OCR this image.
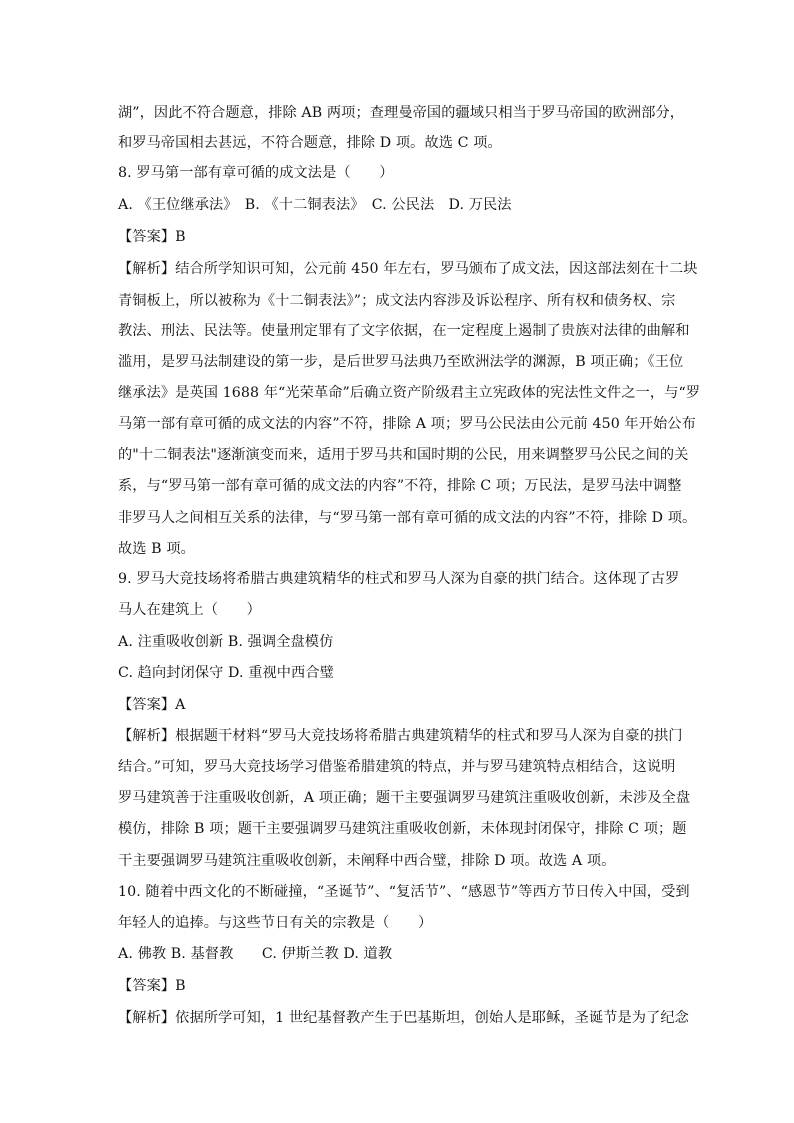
湖”，因此不符合题意，排除 AB 两项；查理曼帝国的疆域只相当于罗马帝国的欧洲部分，
和罗马帝国相去甚远，不符合题意，排除 D 项。故选 C 项。
8. 罗马第一部有章可循的成文法是（　　）
A. 《王位继承法》　B. 《十二铜表法》　C. 公民法　D. 万民法
【答案】B
【解析】结合所学知识可知，公元前 450 年左右，罗马颁布了成文法，因这部法刻在十二块
青铜板上，所以被称为《十二铜表法》”；成文法内容涉及诉讼程序、所有权和债务权、宗
教法、刑法、民法等。使量刑定罪有了文字依据，在一定程度上遏制了贵族对法律的曲解和
滥用，是罗马法制建设的第一步，是后世罗马法典乃至欧洲法学的渊源，B 项正确；《王位
继承法》是英国 1688 年“光荣革命”后确立资产阶级君主立宪政体的宪法性文件之一，与“罗
马第一部有章可循的成文法的内容”不符，排除 A 项；罗马公民法由公元前 450 年开始公布
的"十二铜表法"逐渐演变而来，适用于罗马共和国时期的公民，用来调整罗马公民之间的关
系，与“罗马第一部有章可循的成文法的内容”不符，排除 C 项；万民法，是罗马法中调整
非罗马人之间相互关系的法律，与“罗马第一部有章可循的成文法的内容”不符，排除 D 项。
故选 B 项。
9. 罗马大竞技场将希腊古典建筑精华的柱式和罗马人深为自豪的拱门结合。这体现了古罗
马人在建筑上（　　）
A. 注重吸收创新 B. 强调全盘模仿
C. 趋向封闭保守 D. 重视中西合璧
【答案】A
【解析】根据题干材料“罗马大竞技场将希腊古典建筑精华的柱式和罗马人深为自豪的拱门
结合。”可知，罗马大竞技场学习借鉴希腊建筑的特点，并与罗马建筑特点相结合，这说明
罗马建筑善于注重吸收创新，A 项正确；题干主要强调罗马建筑注重吸收创新，未涉及全盘
模仿，排除 B 项；题干主要强调罗马建筑注重吸收创新，未体现封闭保守，排除 C 项；题
干主要强调罗马建筑注重吸收创新，未阐释中西合璧，排除 D 项。故选 A 项。
10. 随着中西文化的不断碰撞，“圣诞节”、“复活节”、“感恩节”等西方节日传入中国，受到
年轻人的追捧。与这些节日有关的宗教是（　　）
A. 佛教 B. 基督教　　C. 伊斯兰教 D. 道教
【答案】B
【解析】依据所学可知，1 世纪基督教产生于巴基斯坦，创始人是耶稣，圣诞节是为了纪念
